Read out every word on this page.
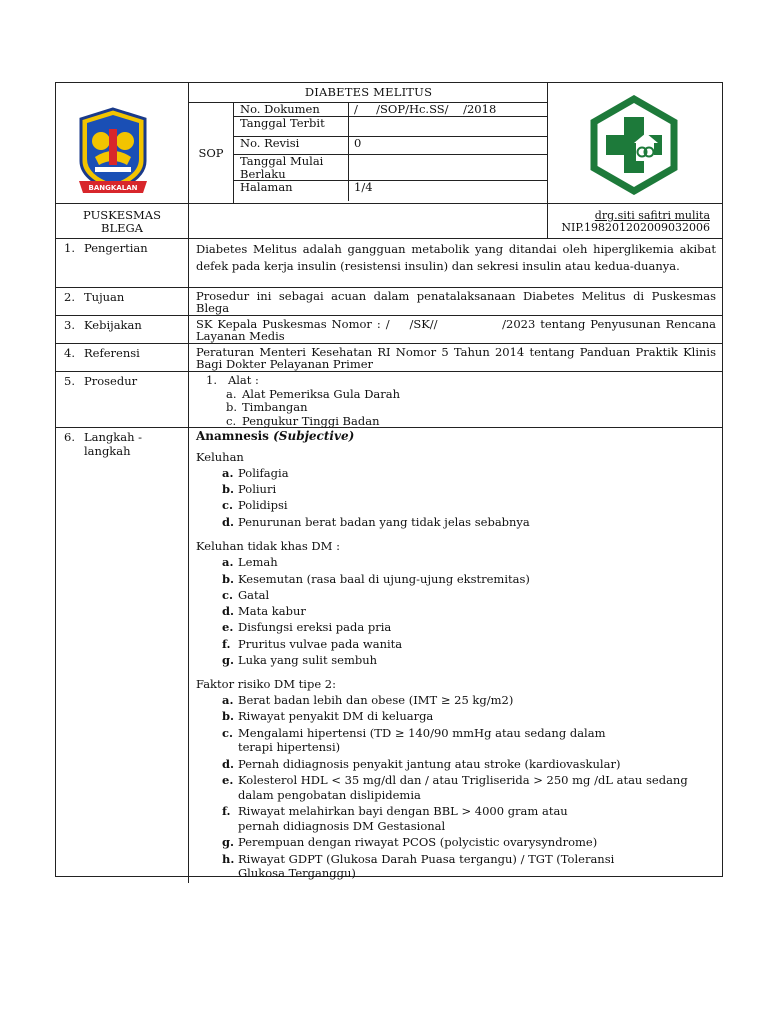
BANGKALAN
DIABETES MELITUS
SOP
No. Dokumen	/     /SOP/Hc.SS/    /2018
Tanggal Terbit
No. Revisi	0
Tanggal Mulai Berlaku
Halaman	1/4
PUSKESMAS BLEGA
drg.siti safitri mulita
NIP.198201202009032006
1. Pengertian	Diabetes Melitus adalah gangguan metabolik yang ditandai oleh hiperglikemia akibat defek pada kerja insulin (resistensi insulin) dan sekresi insulin atau kedua-duanya.
2. Tujuan	Prosedur ini sebagai acuan dalam penatalaksanaan Diabetes Melitus di Puskesmas Blega
3. Kebijakan	SK Kepala Puskesmas Nomor : /    /SK//             /2023 tentang Penyusunan Rencana Layanan Medis
4. Referensi	Peraturan Menteri Kesehatan RI Nomor 5 Tahun 2014 tentang Panduan Praktik Klinis Bagi Dokter Pelayanan Primer
5. Prosedur	1.   Alat :
a. Alat Pemeriksa Gula Darah
b. Timbangan
c. Pengukur Tinggi Badan
6. Langkah - langkah
Anamnesis (Subjective)
Keluhan
a. Polifagia
b. Poliuri
c. Polidipsi
d. Penurunan berat badan yang tidak jelas sebabnya
Keluhan tidak khas DM :
a. Lemah
b. Kesemutan (rasa baal di ujung-ujung ekstremitas)
c. Gatal
d. Mata kabur
e. Disfungsi ereksi pada pria
f. Pruritus vulvae pada wanita
g. Luka yang sulit sembuh
Faktor risiko DM tipe 2:
a. Berat badan lebih dan obese (IMT ≥ 25 kg/m2)
b. Riwayat penyakit DM di keluarga
c. Mengalami hipertensi (TD ≥ 140/90 mmHg atau sedang dalam terapi hipertensi)
d. Pernah didiagnosis penyakit jantung atau stroke (kardiovaskular)
e. Kolesterol HDL < 35 mg/dl dan / atau Trigliserida > 250 mg /dL atau sedang dalam pengobatan dislipidemia
f. Riwayat melahirkan bayi dengan BBL > 4000 gram atau pernah didiagnosis DM Gestasional
g. Perempuan dengan riwayat PCOS (polycistic ovarysyndrome)
h. Riwayat GDPT (Glukosa Darah Puasa tergangu) / TGT (Toleransi Glukosa Terganggu)
